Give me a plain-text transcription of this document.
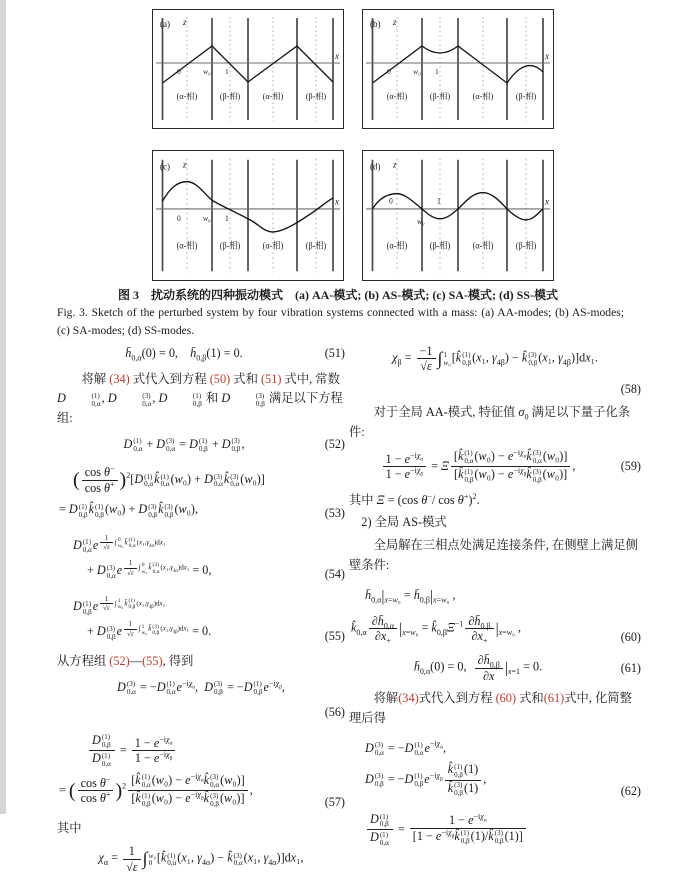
(a) z
x
0	w₀ 1
(α-相)	(β-相)	(α-相)	(β-相)
(b) z
x
0	w₀ 1
(α-相)	(β-相)	(α-相)	(β-相)
(c) z
x
0	w₀ 1
(α-相)	(β-相)	(α-相)	(β-相)
(d) z
x
0
w₀
1
(α-相)	(β-相)	(α-相)	(β-相)
图 3　扰动系统的四种振动模式　(a) AA-模式; (b) AS-模式; (c) SA-模式; (d) SS-模式
Fig. 3. Sketch of the perturbed system by four vibration systems connected with a mass: (a) AA-modes; (b) AS-modes; (c) SA-modes; (d) SS-modes.
$h̄_{0,\alpha}(0) = 0$,  $h̄_{0,\beta}(1) = 0$.	(51)

将解 (34) 式代入到方程 (50) 式和 (51) 式中, 常数 D	(1)
0,α , D	(3)
0,α , D	(1)
0,β 和 D	(3)
0,β 满足以下方程组:

D (1)
0,α + D (3)
0,α = D (1)
0,β + D (3)
0,β ,	(52)
( $\frac{\cos \theta^-}{\cos \theta^+} )^2[D$ (1)
0,α k̂ (1)
0,α (w₀) + D (3)
0,α k̂ (3)
0,α (w₀)]
= D (1)
0,β k̂ (1)
0,β (w₀) + D (3)
0,β k̂ (3)
0,β (w₀),	(53)
D (1)
0,α e $\frac{1}{√\varepsilon}$ ∫ 0
w₀ k̂ (1)
0,α $(x_1,\gamma_{4\alpha})dx_1$
+ D (3)
0,α e $\frac{1}{√\varepsilon}$ ∫ 0
w₀ k̂ (3)
0,α $(x_1,\gamma_{4\alpha})dx_1 = 0$,	(54)
D (1)
0,β e $\frac{1}{√\varepsilon}$ ∫ 1
w₀ k̂ (1)
0,β $(x_1,\gamma_{4\beta})dx_1$
+ D (3)
0,β e $\frac{1}{√\varepsilon}$ ∫ 1
w₀ k̂ (3)
0,β $(x_1,\gamma_{4\beta})dx_1 = 0$.	(55)

从方程组 (52)—(55), 得到

D (3)
0,α = −D (1)
0,α $e^{-i\chi_\alpha}$, D (3)
0,β = −D (1)
0,β $e^{-i\chi_\beta}$,
(56)
D (1)
0,β
D (1)
$0,\alpha = 1 - e^{-i\chi_\alpha}$
$1 - e^{-i\chi_\beta}$
= ( $\frac{\cos \theta^-}{\cos \theta^+} )^2$ [k̂ (1)
0,α $(w_0) - e^{-i\chi_\alpha}k̂$ (3)
0,α (w₀)]
[k̂ (1)
0,β $(w_0) - e^{-i\chi_\beta}k̂$ (3)
0,β (w₀)]
,
(57)

其中

$\chi_\alpha = \frac{1}{√\varepsilon}$ ∫ w₀
0 [k̂ (1)
0,α (x₁, $\gamma_{4\alpha}$) − k̂ (3)
0,α (x₁, $\gamma_{4\alpha})]dx_1$,
$\chi_\beta = \frac{-1}{√\varepsilon}$ ∫ 1
w₀ [k̂ (1)
0,β (x₁, $\gamma_{4\beta}$) − k̂ (3)
0,β (x₁, $\gamma_{4\beta})]dx_1$.
(58)

对于全局 AA-模式, 特征值 $\sigma_0$ 满足以下量子化条件:

$1 - e^{-i\chi_\alpha}$
$1 - e^{-i\chi_\beta}$
= Ξ
[k̂ (1)
0,α $(w_0) - e^{-i\chi_\alpha}k̂$ (3)
0,α (w₀)]
[k̂ (1)
0,β $(w_0) - e^{-i\chi_\beta}k̂$ (3)
0,β (w₀)]
,	(59)

其中 Ξ = (cos θ−/ cos θ+)$^2$.

2) 全局 AS-模式

全局解在三相点处满足连接条件, 在侧壁上满足侧壁条件:

$h̄_{0,\alpha}|_{x=w_0}$ = $h̄_{0,\beta}|_{x=w_0}$ ,
$k̂_{0,\alpha} \frac{\partial h̄_{0,\alpha}}{\partial x_+} |_{x=w_0}$ = $k̂_{0,\beta}\Xi^{-1} \frac{\partial h̄_{0,\beta}}{\partial x_+} |_{x=w_0}$ ,
(60)
$h̄_{0,\alpha}(0) = 0$,  $\frac{\partial h̄_{0,\beta}}{\partial x} |_{x=1} = 0$.	(61)

将解(34)式代入到方程 (60) 式和(61)式中, 化简整理后得

D (3)
0,α = −D (1)
0,α $e^{-i\chi_\alpha}$,
D (3)
0,β = −D (1)
0,β $e^{-i\chi_\beta}$ k̂ (1)
0,β (1)
k̂ (3)
0,β (1) ,
(62)
D (1)
0,β
D (1)
0,α =
$1 - e^{-i\chi_\alpha}$
[$1 - e^{-i\chi_\beta}k̂$ (1)
0,β (1)/k̂ (3)
0,β (1)]
